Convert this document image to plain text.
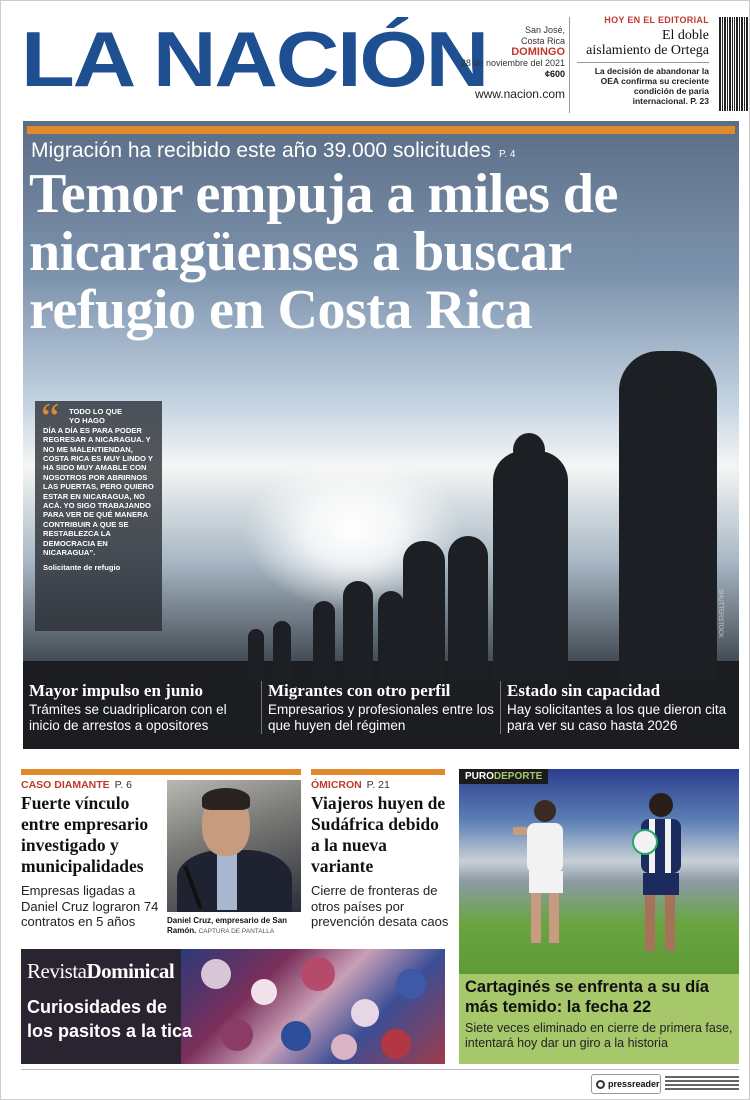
LA NACIÓN	San José,
Costa Rica
DOMINGO
28 de noviembre del 2021
¢600
www.nacion.com
HOY EN EL EDITORIAL
El doble
aislamiento de Ortega
La decisión de abandonar la OEA confirma su creciente condición de paria internacional. P. 23
Migración ha recibido este año 39.000 solicitudes P. 4
Temor empuja a miles de
nicaragüenses a buscar
refugio en Costa Rica
“	TODO LO QUE
YO HAGO
DÍA A DÍA ES PARA PODER REGRESAR A NICARAGUA. Y NO ME MALENTIENDAN, COSTA RICA ES MUY LINDO Y HA SIDO MUY AMABLE CON NOSOTROS POR ABRIRNOS LAS PUERTAS, PERO QUIERO ESTAR EN NICARAGUA, NO ACÁ. YO SIGO TRABAJANDO PARA VER DE QUÉ MANERA CONTRIBUIR A QUE SE RESTABLEZCA LA DEMOCRACIA EN NICARAGUA”.
Solicitante de refugio
SHUTTERSTOCK
Mayor impulso en junio
Trámites se cuadriplicaron con el inicio de arrestos a opositores
Migrantes con otro perfil
Empresarios y profesionales entre los que huyen del régimen
Estado sin capacidad
Hay solicitantes a los que dieron cita para ver su caso hasta 2026
CASO DIAMANTE P. 6
Fuerte vínculo entre empresario investigado y municipalidades
Empresas ligadas a Daniel Cruz lograron 74 contratos en 5 años	Daniel Cruz, empresario de San Ramón. CAPTURA DE PANTALLA
ÓMICRON P. 21
Viajeros huyen de Sudáfrica debido a la nueva variante
Cierre de fronteras de otros países por prevención desata caos
RevistaDominical
Curiosidades de
los pasitos a la tica
PURODEPORTE
Cartaginés se enfrenta a su día más temido: la fecha 22
Siete veces eliminado en cierre de primera fase, intentará hoy dar un giro a la historia
pressreader
